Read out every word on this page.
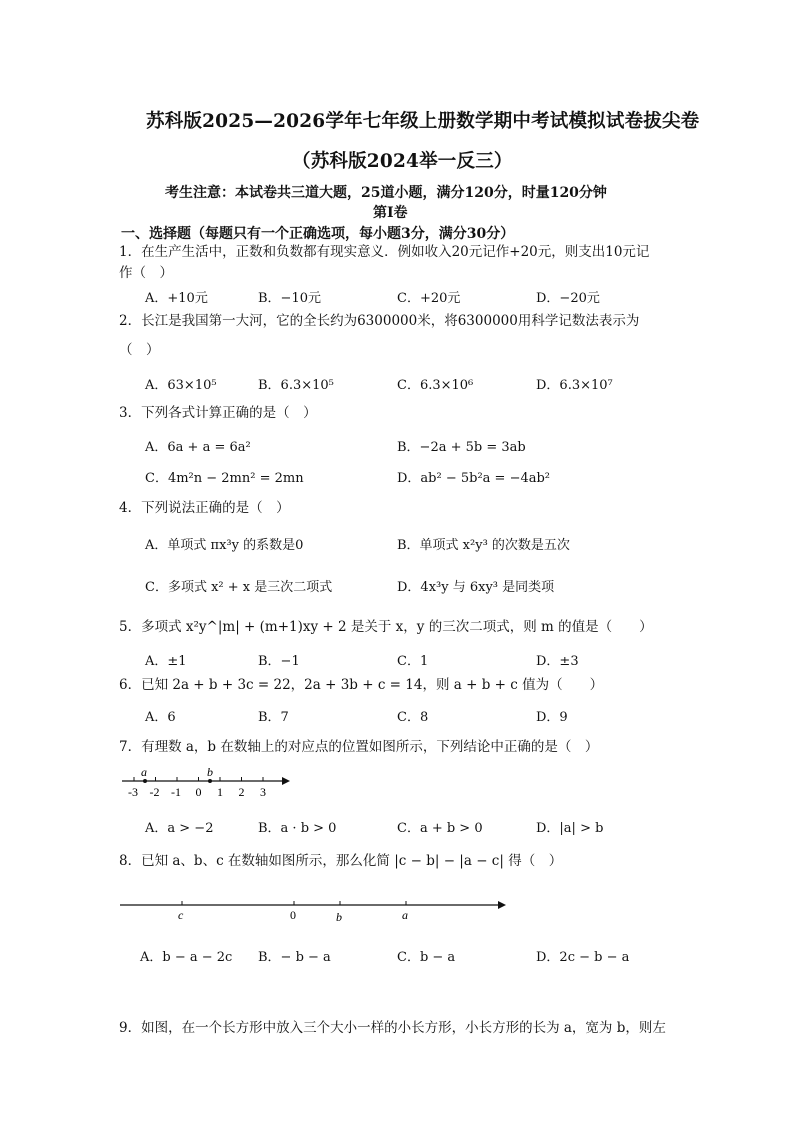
苏科版2025—2026学年七年级上册数学期中考试模拟试卷拔尖卷
（苏科版2024举一反三）
考生注意：本试卷共三道大题，25道小题，满分120分，时量120分钟
第Ⅰ卷
一、选择题（每题只有一个正确选项，每小题3分，满分30分）
1．在生产生活中，正数和负数都有现实意义．例如收入20元记作+20元，则支出10元记
作（　）
A．+10元	B．−10元	C．+20元	D．−20元
2．长江是我国第一大河，它的全长约为6300000米，将6300000用科学记数法表示为
（　）
A．63×10⁵	B．6.3×10⁵	C．6.3×10⁶	D．6.3×10⁷
3．下列各式计算正确的是（　）
A．6a + a = 6a²	B．−2a + 5b = 3ab
C．4m²n − 2mn² = 2mn	D．ab² − 5b²a = −4ab²
4．下列说法正确的是（　）
A．单项式 πx³y 的系数是0	B．单项式 x²y³ 的次数是五次
C．多项式 x² + x 是三次二项式	D．4x³y 与 6xy³ 是同类项
5．多项式 x²y^|m| + (m+1)xy + 2 是关于 x，y 的三次二项式，则 m 的值是（　　）
A．±1	B．−1	C．1	D．±3
6．已知 2a + b + 3c = 22，2a + 3b + c = 14，则 a + b + c 值为（　　）
A．6	B．7	C．8	D．9
7．有理数 a，b 在数轴上的对应点的位置如图所示，下列结论中正确的是（　）
-3 -2 -1 0 1 2 3
a	b
A．a > −2	B．a · b > 0	C．a + b > 0	D．|a| > b
8．已知 a、b、c 在数轴如图所示，那么化简 |c − b| − |a − c| 得（　）
c	0	b	a
A．b − a − 2c B．− b − a	C．b − a	D．2c − b − a
9．如图，在一个长方形中放入三个大小一样的小长方形，小长方形的长为 a，宽为 b，则左
